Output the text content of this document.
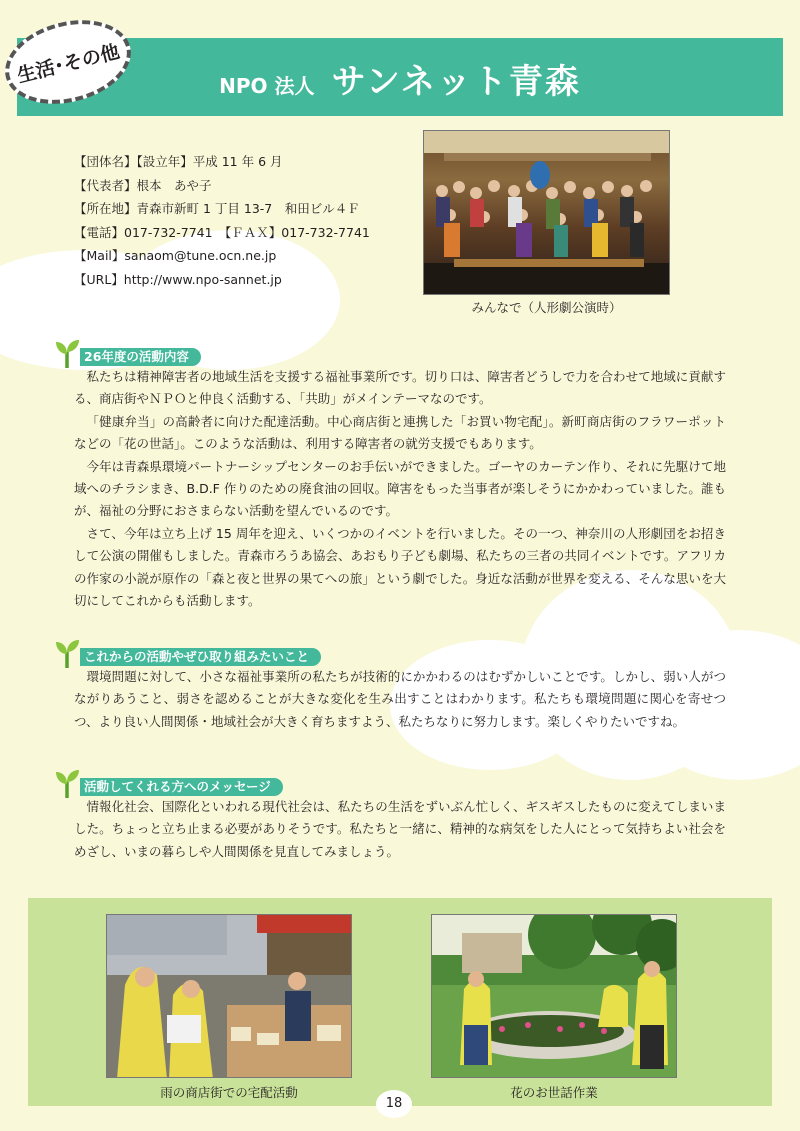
NPO 法人 サンネット青森
生活･その他
【団体名】【設立年】平成 11 年 6 月
【代表者】根本　あや子
【所在地】青森市新町 1 丁目 13-7　和田ビル４Ｆ
【電話】017-732-7741　【ＦＡＸ】017-732-7741
【Mail】sanaom@tune.ocn.ne.jp
【URL】http://www.npo-sannet.jp
みんなで（人形劇公演時）
26年度の活動内容

私たちは精神障害者の地域生活を支援する福祉事業所です。切り口は、障害者どうしで力を合わせて地域に貢献する、商店街やＮＰＯと仲良く活動する、「共助」がメインテーマなのです。

「健康弁当」の高齢者に向けた配達活動。中心商店街と連携した「お買い物宅配」。新町商店街のフラワーポットなどの「花の世話」。このような活動は、利用する障害者の就労支援でもあります。

今年は青森県環境パートナーシップセンターのお手伝いができました。ゴーヤのカーテン作り、それに先駆けて地域へのチラシまき、B.D.F 作りのための廃食油の回収。障害をもった当事者が楽しそうにかかわっていました。誰もが、福祉の分野におさまらない活動を望んでいるのです。

さて、今年は立ち上げ 15 周年を迎え、いくつかのイベントを行いました。その一つ、神奈川の人形劇団をお招きして公演の開催もしました。青森市ろうあ協会、あおもり子ども劇場、私たちの三者の共同イベントです。アフリカの作家の小説が原作の「森と夜と世界の果てへの旅」という劇でした。身近な活動が世界を変える、そんな思いを大切にしてこれからも活動します。

これからの活動やぜひ取り組みたいこと

環境問題に対して、小さな福祉事業所の私たちが技術的にかかわるのはむずかしいことです。しかし、弱い人がつながりあうこと、弱さを認めることが大きな変化を生み出すことはわかります。私たちも環境問題に関心を寄せつつ、より良い人間関係・地域社会が大きく育ちますよう、私たちなりに努力します。楽しくやりたいですね。

活動してくれる方へのメッセージ

情報化社会、国際化といわれる現代社会は、私たちの生活をずいぶん忙しく、ギスギスしたものに変えてしまいました。ちょっと立ち止まる必要がありそうです。私たちと一緒に、精神的な病気をした人にとって気持ちよい社会をめざし、いまの暮らしや人間関係を見直してみましょう。

雨の商店街での宅配活動	花のお世話作業
18
